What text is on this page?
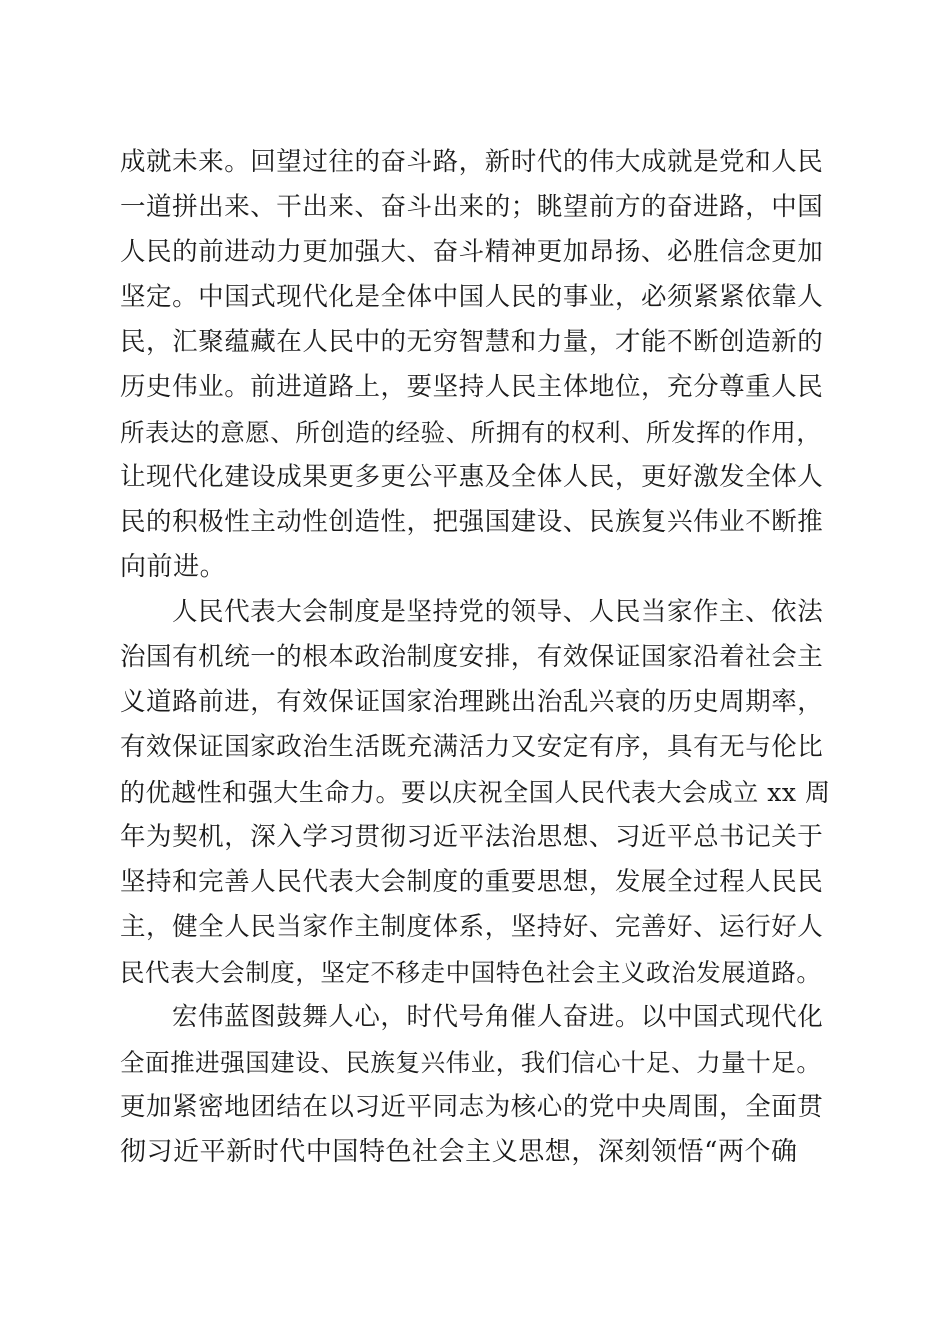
成就未来。回望过往的奋斗路，新时代的伟大成就是党和人民
一道拼出来、干出来、奋斗出来的；眺望前方的奋进路，中国
人民的前进动力更加强大、奋斗精神更加昂扬、必胜信念更加
坚定。中国式现代化是全体中国人民的事业，必须紧紧依靠人
民，汇聚蕴藏在人民中的无穷智慧和力量，才能不断创造新的
历史伟业。前进道路上，要坚持人民主体地位，充分尊重人民
所表达的意愿、所创造的经验、所拥有的权利、所发挥的作用，
让现代化建设成果更多更公平惠及全体人民，更好激发全体人
民的积极性主动性创造性，把强国建设、民族复兴伟业不断推
向前进。
人民代表大会制度是坚持党的领导、人民当家作主、依法
治国有机统一的根本政治制度安排，有效保证国家沿着社会主
义道路前进，有效保证国家治理跳出治乱兴衰的历史周期率，
有效保证国家政治生活既充满活力又安定有序，具有无与伦比
的优越性和强大生命力。要以庆祝全国人民代表大会成立 xx 周
年为契机，深入学习贯彻习近平法治思想、习近平总书记关于
坚持和完善人民代表大会制度的重要思想，发展全过程人民民
主，健全人民当家作主制度体系，坚持好、完善好、运行好人
民代表大会制度，坚定不移走中国特色社会主义政治发展道路。
宏伟蓝图鼓舞人心，时代号角催人奋进。以中国式现代化
全面推进强国建设、民族复兴伟业，我们信心十足、力量十足。
更加紧密地团结在以习近平同志为核心的党中央周围，全面贯
彻习近平新时代中国特色社会主义思想，深刻领悟“两个确
